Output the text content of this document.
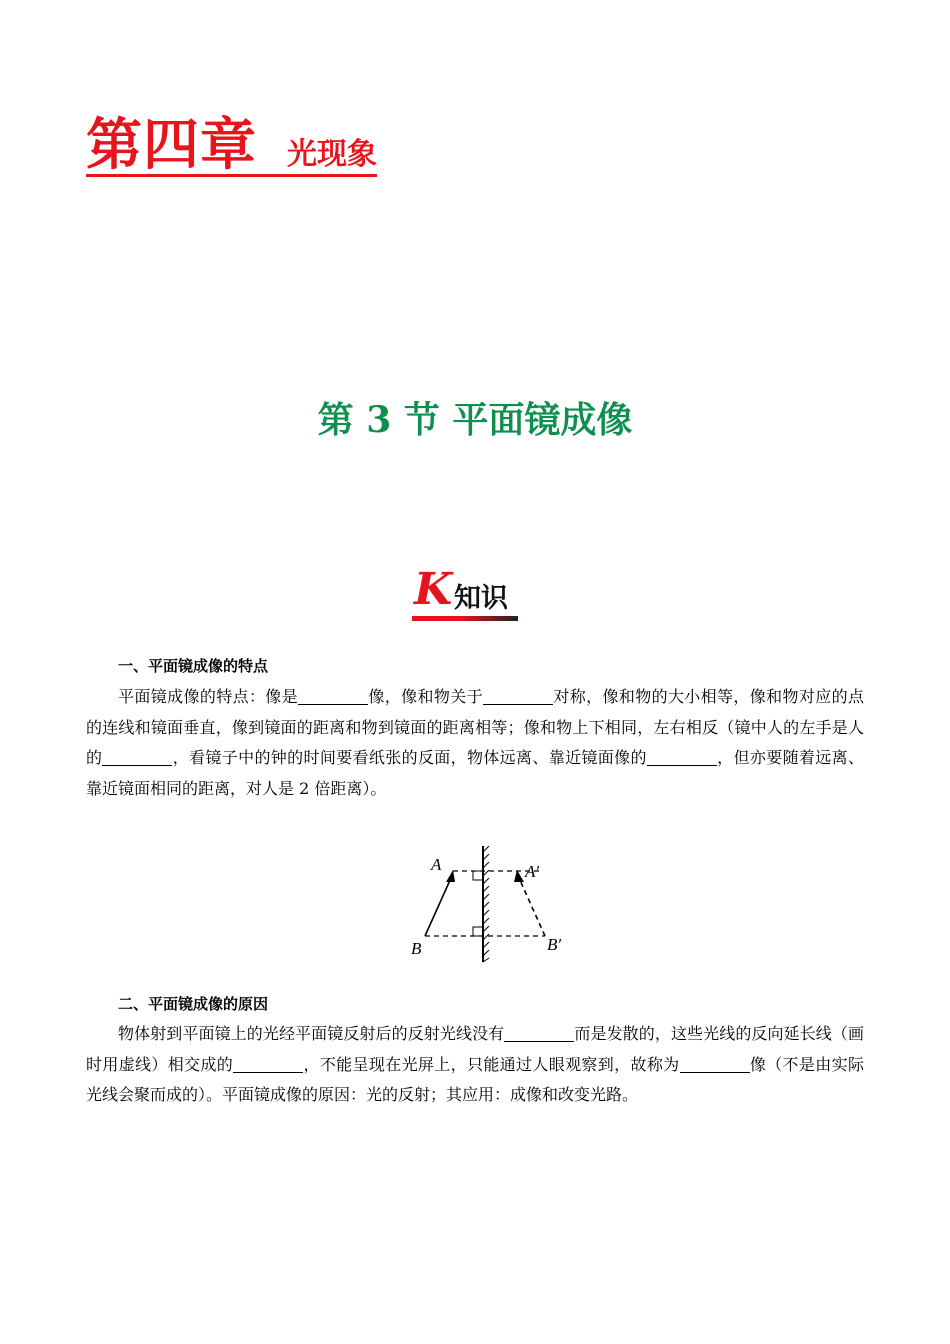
第四章 光现象
第 3 节 平面镜成像
K 知识
一、平面镜成像的特点
平面镜成像的特点：像是	像，像和物关于	对称，像和物的大小相等，像和物对应的点的连线和镜面垂直，像到镜面的距离和物到镜面的距离相等；像和物上下相同，左右相反（镜中人的左手是人的	，看镜子中的钟的时间要看纸张的反面，物体远离、靠近镜面像的	，但亦要随着远离、靠近镜面相同的距离，对人是 2 倍距离）。
A
B
A′
B′
二、平面镜成像的原因
物体射到平面镜上的光经平面镜反射后的反射光线没有	而是发散的，这些光线的反向延长线（画时用虚线）相交成的	，不能呈现在光屏上，只能通过人眼观察到，故称为	像（不是由实际光线会聚而成的）。平面镜成像的原因：光的反射；其应用：成像和改变光路。
